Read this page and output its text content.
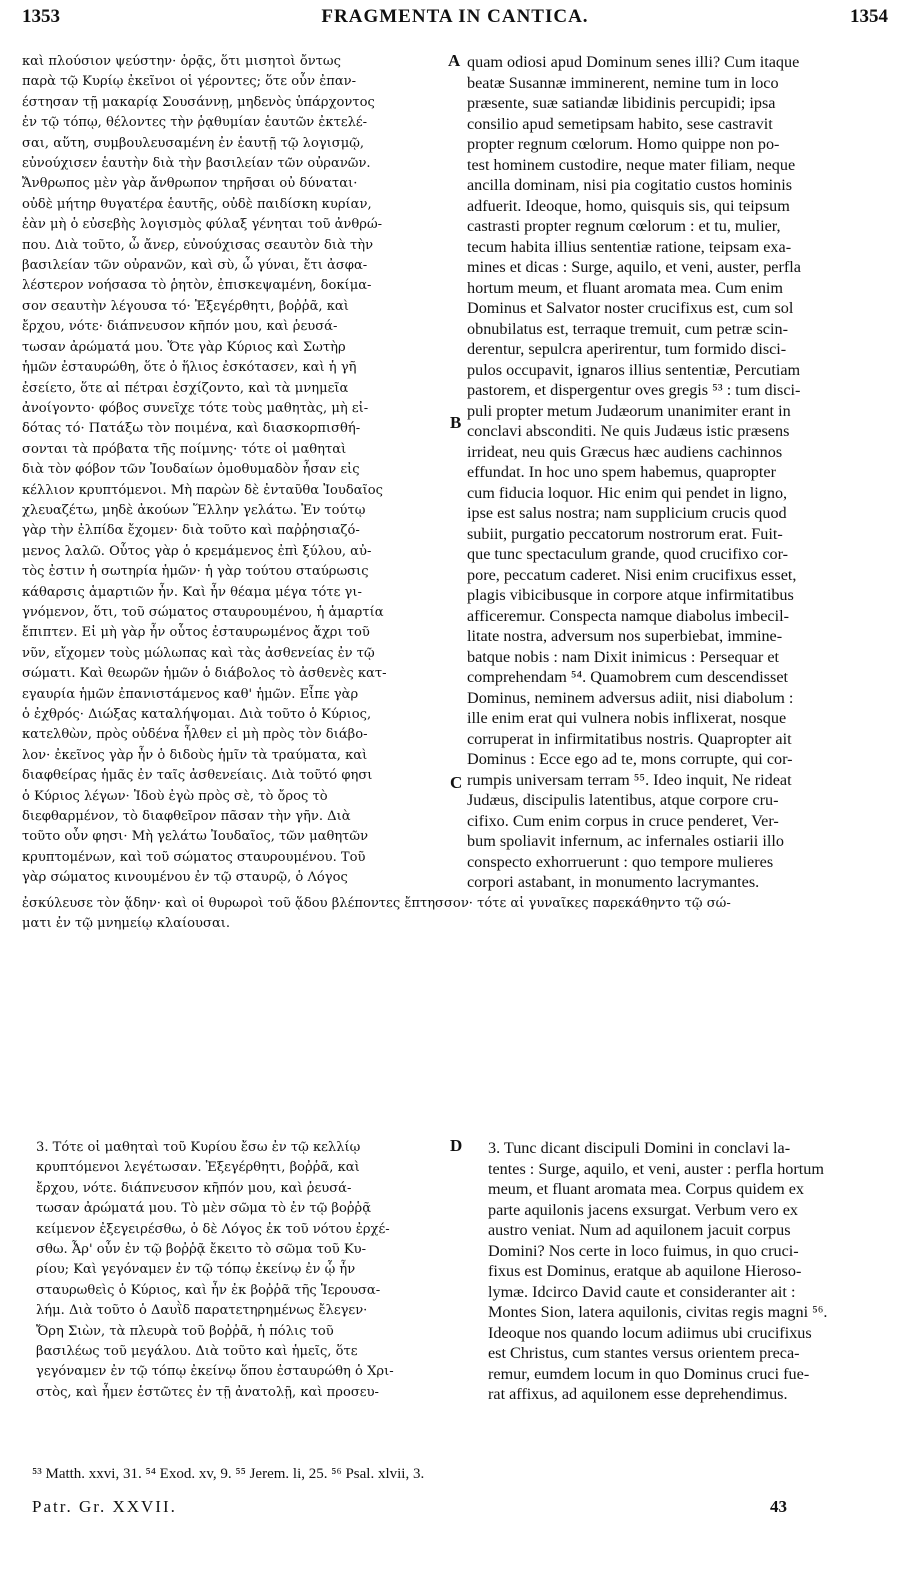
1353	FRAGMENTA IN CANTICA.	1354
A
B
C
D
καὶ πλούσιον ψεύστην· ὁρᾷς, ὅτι μισητοὶ ὄντως
παρὰ τῷ Κυρίῳ ἐκεῖνοι οἱ γέροντες; ὅτε οὖν ἐπαν-
έστησαν τῇ μακαρίᾳ Σουσάννῃ, μηδενὸς ὑπάρχοντος
ἐν τῷ τόπῳ, θέλοντες τὴν ῥᾳθυμίαν ἑαυτῶν ἐκτελέ-
σαι, αὕτη, συμβουλευσαμένη ἐν ἑαυτῇ τῷ λογισμῷ,
εὐνούχισεν ἑαυτὴν διὰ τὴν βασιλείαν τῶν οὐρανῶν.
Ἄνθρωπος μὲν γὰρ ἄνθρωπον τηρῆσαι οὐ δύναται·
οὐδὲ μήτηρ θυγατέρα ἑαυτῆς, οὐδὲ παιδίσκη κυρίαν,
ἐὰν μὴ ὁ εὐσεβὴς λογισμὸς φύλαξ γένηται τοῦ ἀνθρώ-
που. Διὰ τοῦτο, ὦ ἄνερ, εὐνούχισας σεαυτὸν διὰ τὴν
βασιλείαν τῶν οὐρανῶν, καὶ σὺ, ὦ γύναι, ἔτι ἀσφα-
λέστερον νοήσασα τὸ ῥητὸν, ἐπισκεψαμένη, δοκίμα-
σον σεαυτὴν λέγουσα τό· Ἐξεγέρθητι, βοῤῥᾶ, καὶ
ἔρχου, νότε· διάπνευσον κῆπόν μου, καὶ ῥευσά-
τωσαν ἀρώματά μου. Ὅτε γὰρ Κύριος καὶ Σωτὴρ
ἡμῶν ἐσταυρώθη, ὅτε ὁ ἥλιος ἐσκότασεν, καὶ ἡ γῆ
ἐσείετο, ὅτε αἱ πέτραι ἐσχίζοντο, καὶ τὰ μνημεῖα
ἀνοίγοντο· φόβος συνεῖχε τότε τοὺς μαθητὰς, μὴ εἰ-
δότας τό· Πατάξω τὸν ποιμένα, καὶ διασκορπισθή-
σονται τὰ πρόβατα τῆς ποίμνης· τότε οἱ μαθηταὶ
διὰ τὸν φόβον τῶν Ἰουδαίων ὁμοθυμαδὸν ἦσαν εἰς
κέλλιον κρυπτόμενοι. Μὴ παρὼν δὲ ἐνταῦθα Ἰουδαῖος
χλευαζέτω, μηδὲ ἀκούων Ἕλλην γελάτω. Ἐν τούτῳ
γὰρ τὴν ἐλπίδα ἔχομεν· διὰ τοῦτο καὶ παῤῥησιαζό-
μενος λαλῶ. Οὗτος γὰρ ὁ κρεμάμενος ἐπὶ ξύλου, αὐ-
τὸς ἐστιν ἡ σωτηρία ἡμῶν· ἡ γὰρ τούτου σταύρωσις
κάθαρσις ἁμαρτιῶν ἦν. Καὶ ἦν θέαμα μέγα τότε γι-
γνόμενον, ὅτι, τοῦ σώματος σταυρουμένου, ἡ ἁμαρτία
ἔπιπτεν. Εἰ μὴ γὰρ ἦν οὗτος ἐσταυρωμένος ἄχρι τοῦ
νῦν, εἴχομεν τοὺς μώλωπας καὶ τὰς ἀσθενείας ἐν τῷ
σώματι. Καὶ θεωρῶν ἡμῶν ὁ διάβολος τὸ ἀσθενὲς κατ-
εγαυρία ἡμῶν ἐπανιστάμενος καθ' ἡμῶν. Εἶπε γὰρ
ὁ ἐχθρός· Διώξας καταλήψομαι. Διὰ τοῦτο ὁ Κύριος,
κατελθὼν, πρὸς οὐδένα ἦλθεν εἰ μὴ πρὸς τὸν διάβο-
λον· ἐκεῖνος γὰρ ἦν ὁ διδοὺς ἡμῖν τὰ τραύματα, καὶ
διαφθείρας ἡμᾶς ἐν ταῖς ἀσθενείαις. Διὰ τοῦτό φησι
ὁ Κύριος λέγων· Ἰδοὺ ἐγὼ πρὸς σὲ, τὸ ὄρος τὸ
διεφθαρμένον, τὸ διαφθεῖρον πᾶσαν τὴν γῆν. Διὰ
τοῦτο οὖν φησι· Μὴ γελάτω Ἰουδαῖος, τῶν μαθητῶν
κρυπτομένων, καὶ τοῦ σώματος σταυρουμένου. Τοῦ
γὰρ σώματος κινουμένου ἐν τῷ σταυρῷ, ὁ Λόγος
quam odiosi apud Dominum senes illi? Cum itaque
beatæ Susannæ imminerent, nemine tum in loco
præsente, suæ satiandæ libidinis percupidi; ipsa
consilio apud semetipsam habito, sese castravit
propter regnum cœlorum. Homo quippe non po-
test hominem custodire, neque mater filiam, neque
ancilla dominam, nisi pia cogitatio custos hominis
adfuerit. Ideoque, homo, quisquis sis, qui teipsum
castrasti propter regnum cœlorum : et tu, mulier,
tecum habita illius sententiæ ratione, teipsam exa-
mines et dicas : Surge, aquilo, et veni, auster, perfla
hortum meum, et fluant aromata mea. Cum enim
Dominus et Salvator noster crucifixus est, cum sol
obnubilatus est, terraque tremuit, cum petræ scin-
derentur, sepulcra aperirentur, tum formido disci-
pulos occupavit, ignaros illius sententiæ, Percutiam
pastorem, et dispergentur oves gregis ⁵³ : tum disci-
puli propter metum Judæorum unanimiter erant in
conclavi absconditi. Ne quis Judæus istic præsens
irrideat, neu quis Græcus hæc audiens cachinnos
effundat. In hoc uno spem habemus, quapropter
cum fiducia loquor. Hic enim qui pendet in ligno,
ipse est salus nostra; nam supplicium crucis quod
subiit, purgatio peccatorum nostrorum erat. Fuit-
que tunc spectaculum grande, quod crucifixo cor-
pore, peccatum caderet. Nisi enim crucifixus esset,
plagis vibicibusque in corpore atque infirmitatibus
afficeremur. Conspecta namque diabolus imbecil-
litate nostra, adversum nos superbiebat, immine-
batque nobis : nam Dixit inimicus : Persequar et
comprehendam ⁵⁴. Quamobrem cum descendisset
Dominus, neminem adversus adiit, nisi diabolum :
ille enim erat qui vulnera nobis inflixerat, nosque
corruperat in infirmitatibus nostris. Quapropter ait
Dominus : Ecce ego ad te, mons corrupte, qui cor-
rumpis universam terram ⁵⁵. Ideo inquit, Ne rideat
Judæus, discipulis latentibus, atque corpore cru-
cifixo. Cum enim corpus in cruce penderet, Ver-
bum spoliavit infernum, ac infernales ostiarii illo
conspecto exhorruerunt : quo tempore mulieres
corpori astabant, in monumento lacrymantes.
ἐσκύλευσε τὸν ᾅδην· καὶ οἱ θυρωροὶ τοῦ ᾅδου βλέποντες ἔπτησσον· τότε αἱ γυναῖκες παρεκάθηντο τῷ σώ-
ματι ἐν τῷ μνημείῳ κλαίουσαι.
3. Τότε οἱ μαθηταὶ τοῦ Κυρίου ἔσω ἐν τῷ κελλίῳ
κρυπτόμενοι λεγέτωσαν. Ἐξεγέρθητι, βοῤῥᾶ, καὶ
ἔρχου, νότε. διάπνευσον κῆπόν μου, καὶ ῥευσά-
τωσαν ἀρώματά μου. Τὸ μὲν σῶμα τὸ ἐν τῷ βοῤῥᾷ
κείμενον ἐξεγειρέσθω, ὁ δὲ Λόγος ἐκ τοῦ νότου ἐρχέ-
σθω. Ἆρ' οὖν ἐν τῷ βοῤῥᾷ ἔκειτο τὸ σῶμα τοῦ Κυ-
ρίου; Καὶ γεγόναμεν ἐν τῷ τόπῳ ἐκείνῳ ἐν ᾧ ἦν
σταυρωθεὶς ὁ Κύριος, καὶ ἦν ἐκ βοῤῥᾶ τῆς Ἱερουσα-
λήμ. Διὰ τοῦτο ὁ Δαυῒδ παρατετηρημένως ἔλεγεν·
Ὄρη Σιὼν, τὰ πλευρὰ τοῦ βοῤῥᾶ, ἡ πόλις τοῦ
βασιλέως τοῦ μεγάλου. Διὰ τοῦτο καὶ ἡμεῖς, ὅτε
γεγόναμεν ἐν τῷ τόπῳ ἐκείνῳ ὅπου ἐσταυρώθη ὁ Χρι-
στὸς, καὶ ἦμεν ἑστῶτες ἐν τῇ ἀνατολῇ, καὶ προσευ-
3. Tunc dicant discipuli Domini in conclavi la-
tentes : Surge, aquilo, et veni, auster : perfla hortum
meum, et fluant aromata mea. Corpus quidem ex
parte aquilonis jacens exsurgat. Verbum vero ex
austro veniat. Num ad aquilonem jacuit corpus
Domini? Nos certe in loco fuimus, in quo cruci-
fixus est Dominus, eratque ab aquilone Hieroso-
lymæ. Idcirco David caute et consideranter ait :
Montes Sion, latera aquilonis, civitas regis magni ⁵⁶.
Ideoque nos quando locum adiimus ubi crucifixus
est Christus, cum stantes versus orientem preca-
remur, eumdem locum in quo Dominus cruci fue-
rat affixus, ad aquilonem esse deprehendimus.
⁵³ Matth. xxvi, 31. ⁵⁴ Exod. xv, 9. ⁵⁵ Jerem. li, 25. ⁵⁶ Psal. xlvii, 3.
Patr. Gr. XXVII.	43
